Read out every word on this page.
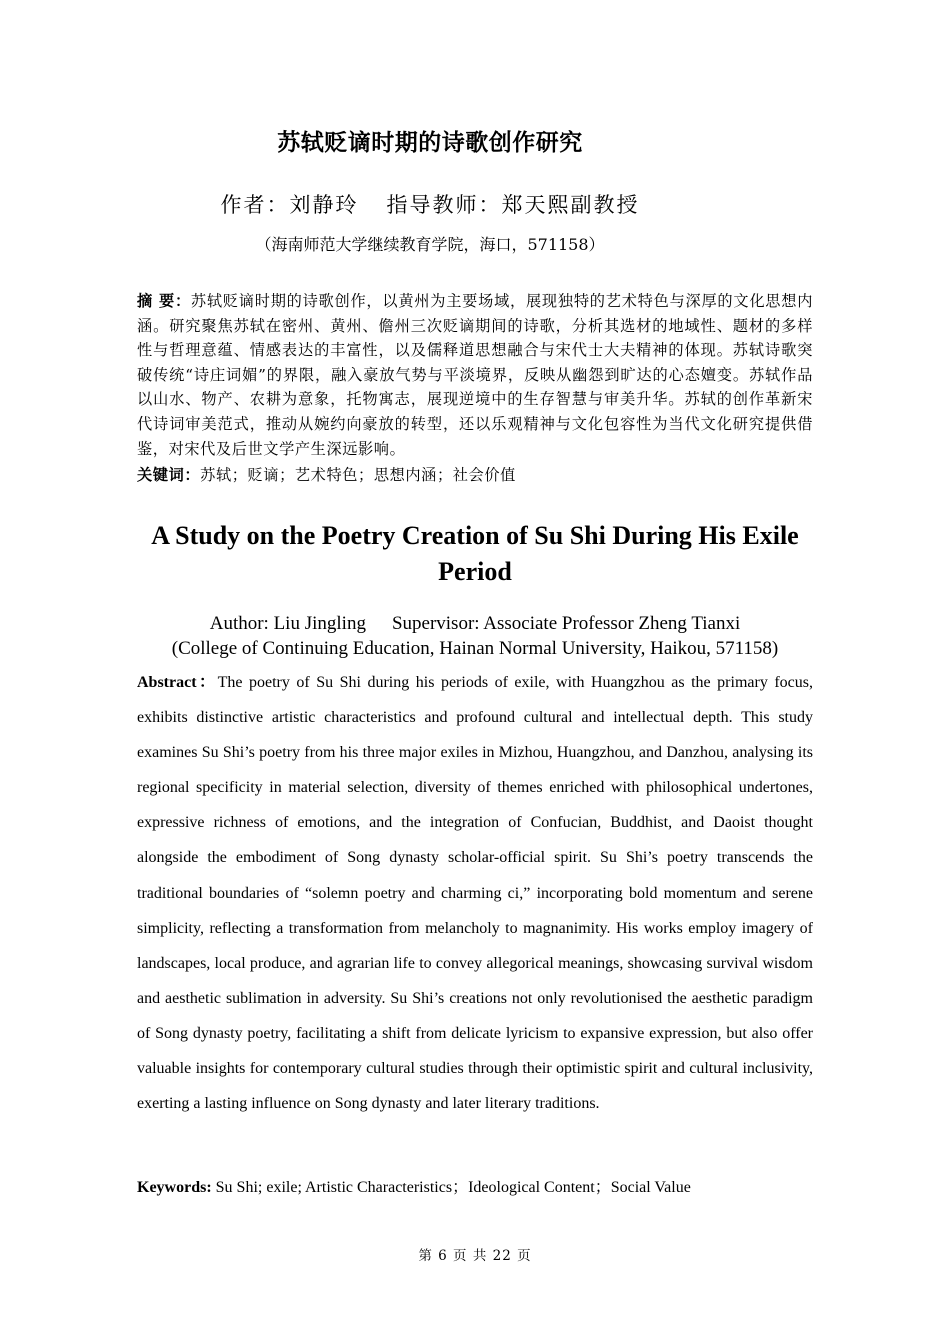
苏轼贬谪时期的诗歌创作研究
作者：刘静玲 指导教师：郑天熙副教授
（海南师范大学继续教育学院，海口，571158）
摘 要：苏轼贬谪时期的诗歌创作，以黄州为主要场域，展现独特的艺术特色与深厚的文化思想内涵。研究聚焦苏轼在密州、黄州、儋州三次贬谪期间的诗歌，分析其选材的地域性、题材的多样性与哲理意蕴、情感表达的丰富性，以及儒释道思想融合与宋代士大夫精神的体现。苏轼诗歌突破传统“诗庄词媚”的界限，融入豪放气势与平淡境界，反映从幽怨到旷达的心态嬗变。苏轼作品以山水、物产、农耕为意象，托物寓志，展现逆境中的生存智慧与审美升华。苏轼的创作革新宋代诗词审美范式，推动从婉约向豪放的转型，还以乐观精神与文化包容性为当代文化研究提供借鉴，对宋代及后世文学产生深远影响。
关键词：苏轼；贬谪；艺术特色；思想内涵；社会价值
A Study on the Poetry Creation of Su Shi During His Exile
Period
Author: Liu Jingling Supervisor: Associate Professor Zheng Tianxi
(College of Continuing Education, Hainan Normal University, Haikou, 571158)
Abstract：The poetry of Su Shi during his periods of exile, with Huangzhou as the primary focus, exhibits distinctive artistic characteristics and profound cultural and intellectual depth. This study examines Su Shi’s poetry from his three major exiles in Mizhou, Huangzhou, and Danzhou, analysing its regional specificity in material selection, diversity of themes enriched with philosophical undertones, expressive richness of emotions, and the integration of Confucian, Buddhist, and Daoist thought alongside the embodiment of Song dynasty scholar-official spirit. Su Shi’s poetry transcends the traditional boundaries of “solemn poetry and charming ci,” incorporating bold momentum and serene simplicity, reflecting a transformation from melancholy to magnanimity. His works employ imagery of landscapes, local produce, and agrarian life to convey allegorical meanings, showcasing survival wisdom and aesthetic sublimation in adversity. Su Shi’s creations not only revolutionised the aesthetic paradigm of Song dynasty poetry, facilitating a shift from delicate lyricism to expansive expression, but also offer valuable insights for contemporary cultural studies through their optimistic spirit and cultural inclusivity, exerting a lasting influence on Song dynasty and later literary traditions.
Keywords: Su Shi; exile; Artistic Characteristics；Ideological Content；Social Value
第 6 页 共 22 页
